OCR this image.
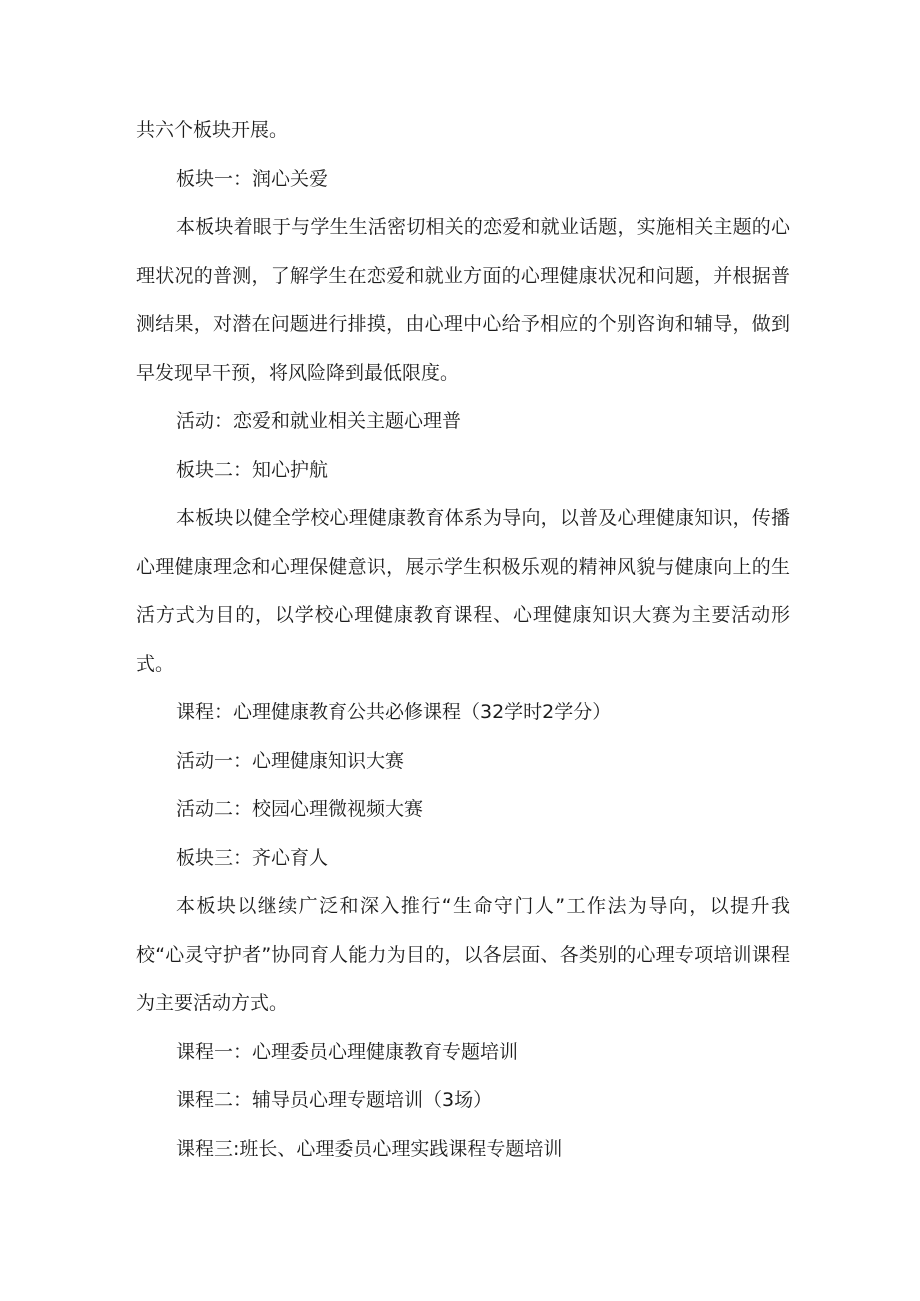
共六个板块开展。

板块一：润心关爱

本板块着眼于与学生生活密切相关的恋爱和就业话题，实施相关主题的心理状况的普测，了解学生在恋爱和就业方面的心理健康状况和问题，并根据普测结果，对潜在问题进行排摸，由心理中心给予相应的个别咨询和辅导，做到早发现早干预，将风险降到最低限度。

活动：恋爱和就业相关主题心理普

板块二：知心护航

本板块以健全学校心理健康教育体系为导向，以普及心理健康知识，传播心理健康理念和心理保健意识，展示学生积极乐观的精神风貌与健康向上的生活方式为目的，以学校心理健康教育课程、心理健康知识大赛为主要活动形式。

课程：心理健康教育公共必修课程（32学时2学分）

活动一：心理健康知识大赛

活动二：校园心理微视频大赛

板块三：齐心育人

本板块以继续广泛和深入推行“生命守门人”工作法为导向，以提升我校“心灵守护者”协同育人能力为目的，以各层面、各类别的心理专项培训课程为主要活动方式。

课程一：心理委员心理健康教育专题培训

课程二：辅导员心理专题培训（3场）

课程三:班长、心理委员心理实践课程专题培训
